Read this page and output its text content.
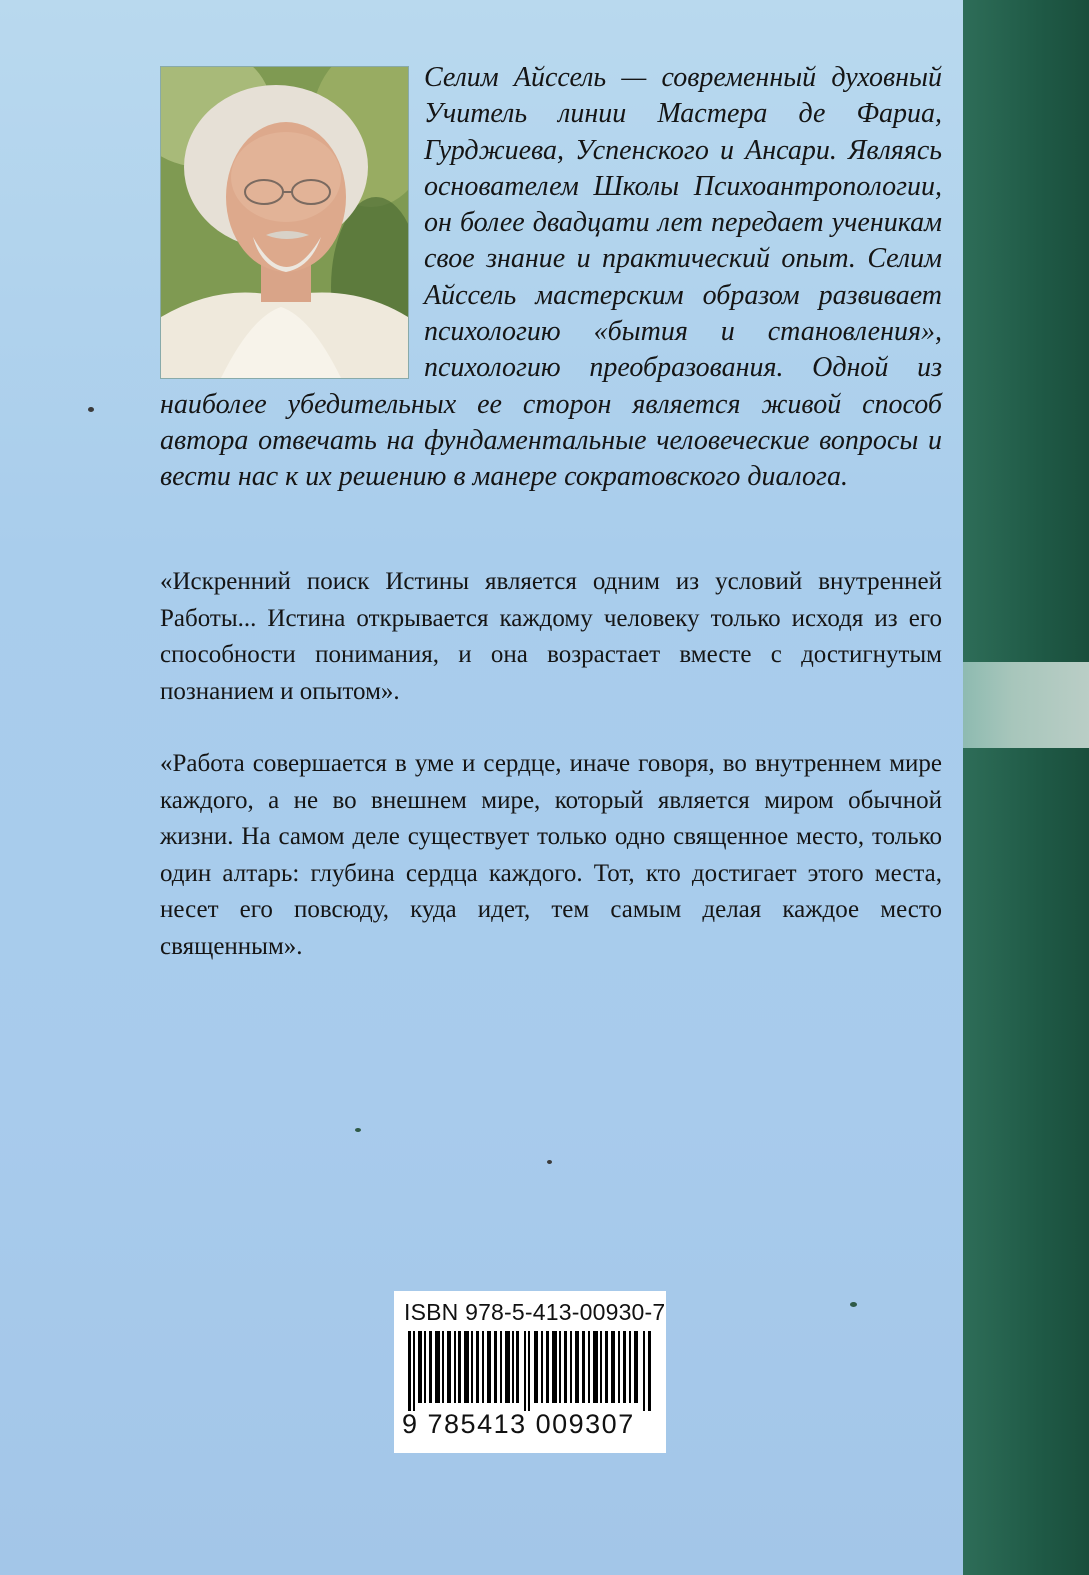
Селим Айссель — современный духовный Учитель линии Мастера де Фариа, Гурджиева, Успенского и Ансари. Являясь основателем Школы Психоантропологии, он более двадцати лет передает ученикам свое знание и практический опыт. Селим Айссель мастерским образом развивает психологию «бытия и становления», психологию преобразования. Одной из наиболее убедительных ее сторон является живой способ автора отвечать на фундаментальные человеческие вопросы и вести нас к их решению в манере сократовского диалога.

«Искренний поиск Истины является одним из условий внутренней Работы... Истина открывается каждому человеку только исходя из его способности понимания, и она возрастает вместе с достигнутым познанием и опытом».

«Работа совершается в уме и сердце, иначе говоря, во внутреннем мире каждого, а не во внешнем мире, который является миром обычной жизни. На самом деле существует только одно священное место, только один алтарь: глубина сердца каждого. Тот, кто достигает этого места, несет его повсюду, куда идет, тем самым делая каждое место священным».

ISBN 978-5-413-00930-7
9 785413 009307
